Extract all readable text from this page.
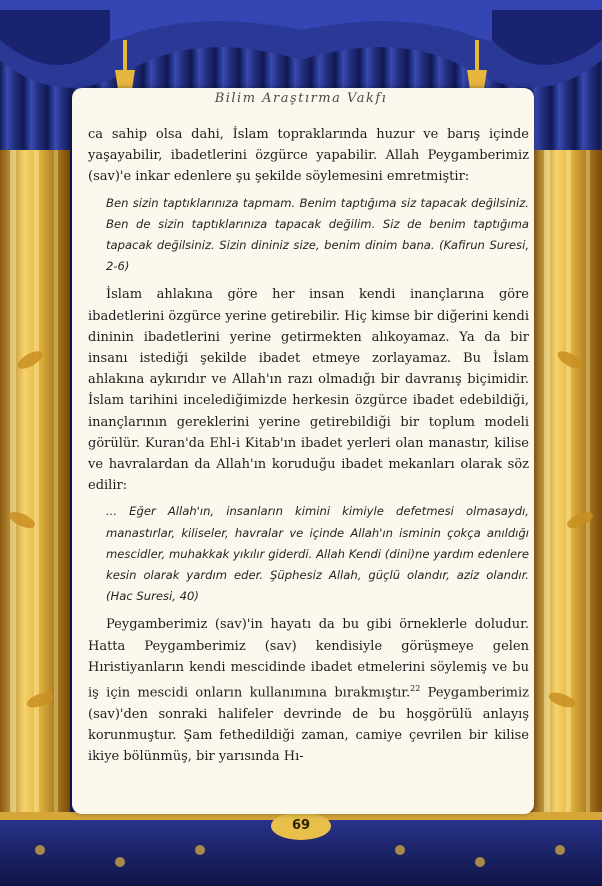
Bilim Araştırma Vakfı

ca sahip olsa dahi, İslam topraklarında huzur ve barış içinde yaşayabilir, ibadetlerini özgürce yapabilir. Allah Peygamberimiz (sav)'e inkar edenlere şu şekilde söylemesini emretmiştir:

Ben sizin taptıklarınıza tapmam. Benim taptığıma siz tapacak değilsiniz. Ben de sizin taptıklarınıza tapacak değilim. Siz de benim taptığıma tapacak değilsiniz. Sizin dininiz size, benim dinim bana. (Kafirun Suresi, 2-6)

İslam ahlakına göre her insan kendi inançlarına göre ibadetlerini özgürce yerine getirebilir. Hiç kimse bir diğerini kendi dininin ibadetlerini yerine getirmekten alıkoyamaz. Ya da bir insanı istediği şekilde ibadet etmeye zorlayamaz. Bu İslam ahlakına aykırıdır ve Allah'ın razı olmadığı bir davranış biçimidir. İslam tarihini incelediğimizde herkesin özgürce ibadet edebildiği, inançlarının gereklerini yerine getirebildiği bir toplum modeli görülür. Kuran'da Ehl-i Kitab'ın ibadet yerleri olan manastır, kilise ve havralardan da Allah'ın koruduğu ibadet mekanları olarak söz edilir:

... Eğer Allah'ın, insanların kimini kimiyle defetmesi olmasaydı, manastırlar, kiliseler, havralar ve içinde Allah'ın isminin çokça anıldığı mescidler, muhakkak yıkılır giderdi. Allah Kendi (dini)ne yardım edenlere kesin olarak yardım eder. Şüphesiz Allah, güçlü olandır, aziz olandır. (Hac Suresi, 40)

Peygamberimiz (sav)'in hayatı da bu gibi örneklerle doludur. Hatta Peygamberimiz (sav) kendisiyle görüşmeye gelen Hıristiyanların kendi mescidinde ibadet etmelerini söylemiş ve bu iş için mescidi onların kullanımına bırakmıştır.$^{22}$ Peygamberimiz (sav)'den sonraki halifeler devrinde de bu hoşgörülü anlayış korunmuştur. Şam fethedildiği zaman, camiye çevrilen bir kilise ikiye bölünmüş, bir yarısında Hı-

69
